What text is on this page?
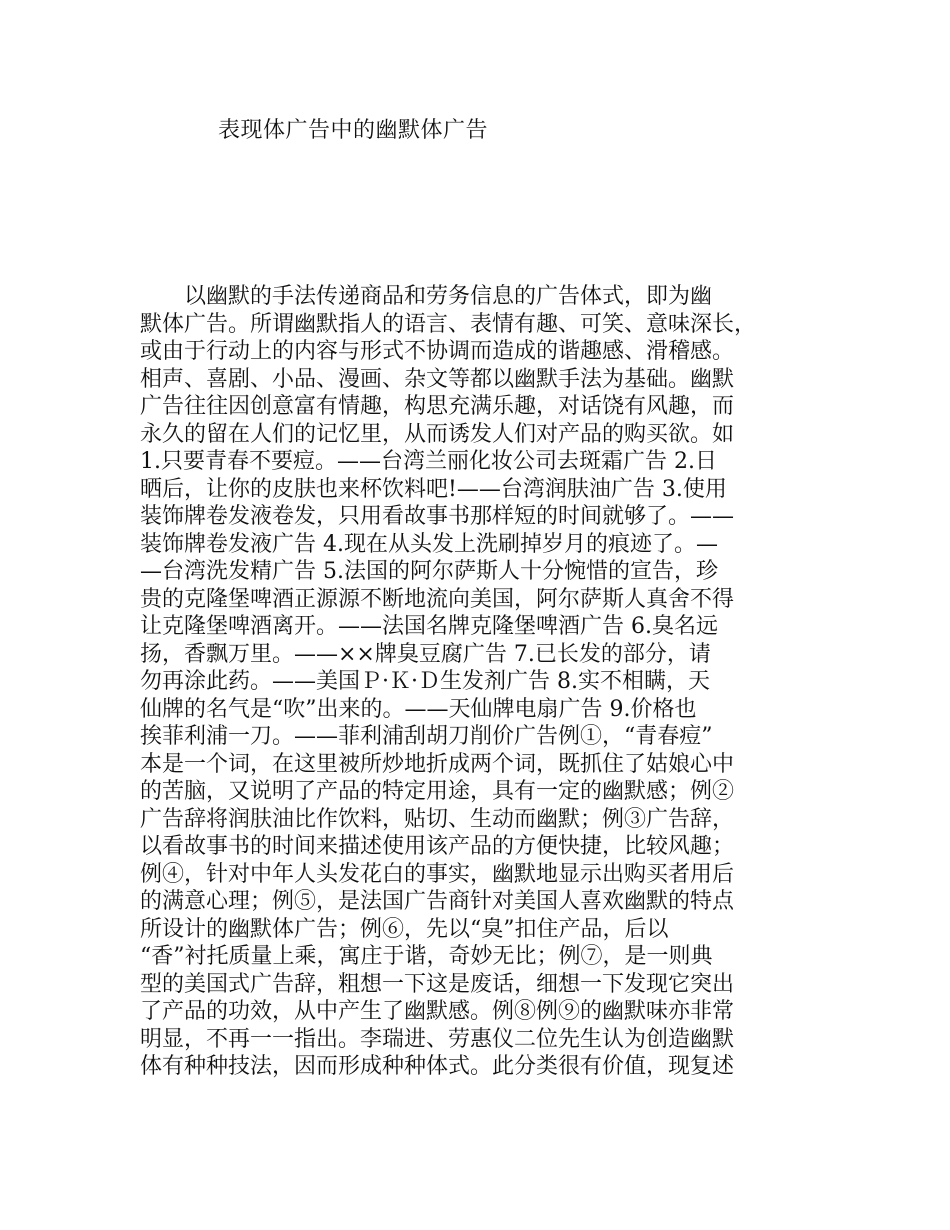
表现体广告中的幽默体广告
　　以幽默的手法传递商品和劳务信息的广告体式，即为幽
默体广告。所谓幽默指人的语言、表情有趣、可笑、意味深长，
或由于行动上的内容与形式不协调而造成的谐趣感、滑稽感。
相声、喜剧、小品、漫画、杂文等都以幽默手法为基础。幽默
广告往往因创意富有情趣，构思充满乐趣，对话饶有风趣，而
永久的留在人们的记忆里，从而诱发人们对产品的购买欲。如
1.只要青春不要痘。——台湾兰丽化妆公司去斑霜广告 2.日
晒后，让你的皮肤也来杯饮料吧!——台湾润肤油广告 3.使用
装饰牌卷发液卷发，只用看故事书那样短的时间就够了。——
装饰牌卷发液广告 4.现在从头发上洗刷掉岁月的痕迹了。—
—台湾洗发精广告 5.法国的阿尔萨斯人十分惋惜的宣告，珍
贵的克隆堡啤酒正源源不断地流向美国，阿尔萨斯人真舍不得
让克隆堡啤酒离开。——法国名牌克隆堡啤酒广告 6.臭名远
扬，香飘万里。——××牌臭豆腐广告 7.已长发的部分，请
勿再涂此药。——美国Ｐ·Ｋ·Ｄ生发剂广告 8.实不相瞒，天
仙牌的名气是“吹”出来的。——天仙牌电扇广告 9.价格也
挨菲利浦一刀。——菲利浦刮胡刀削价广告例①，“青春痘”
本是一个词，在这里被所炒地折成两个词，既抓住了姑娘心中
的苦脑，又说明了产品的特定用途，具有一定的幽默感；例②
广告辞将润肤油比作饮料，贴切、生动而幽默；例③广告辞，
以看故事书的时间来描述使用该产品的方便快捷，比较风趣；
例④，针对中年人头发花白的事实，幽默地显示出购买者用后
的满意心理；例⑤，是法国广告商针对美国人喜欢幽默的特点
所设计的幽默体广告；例⑥，先以“臭”扣住产品，后以
“香”衬托质量上乘，寓庄于谐，奇妙无比；例⑦，是一则典
型的美国式广告辞，粗想一下这是废话，细想一下发现它突出
了产品的功效，从中产生了幽默感。例⑧例⑨的幽默味亦非常
明显，不再一一指出。李瑞进、劳惠仪二位先生认为创造幽默
体有种种技法，因而形成种种体式。此分类很有价值，现复述
